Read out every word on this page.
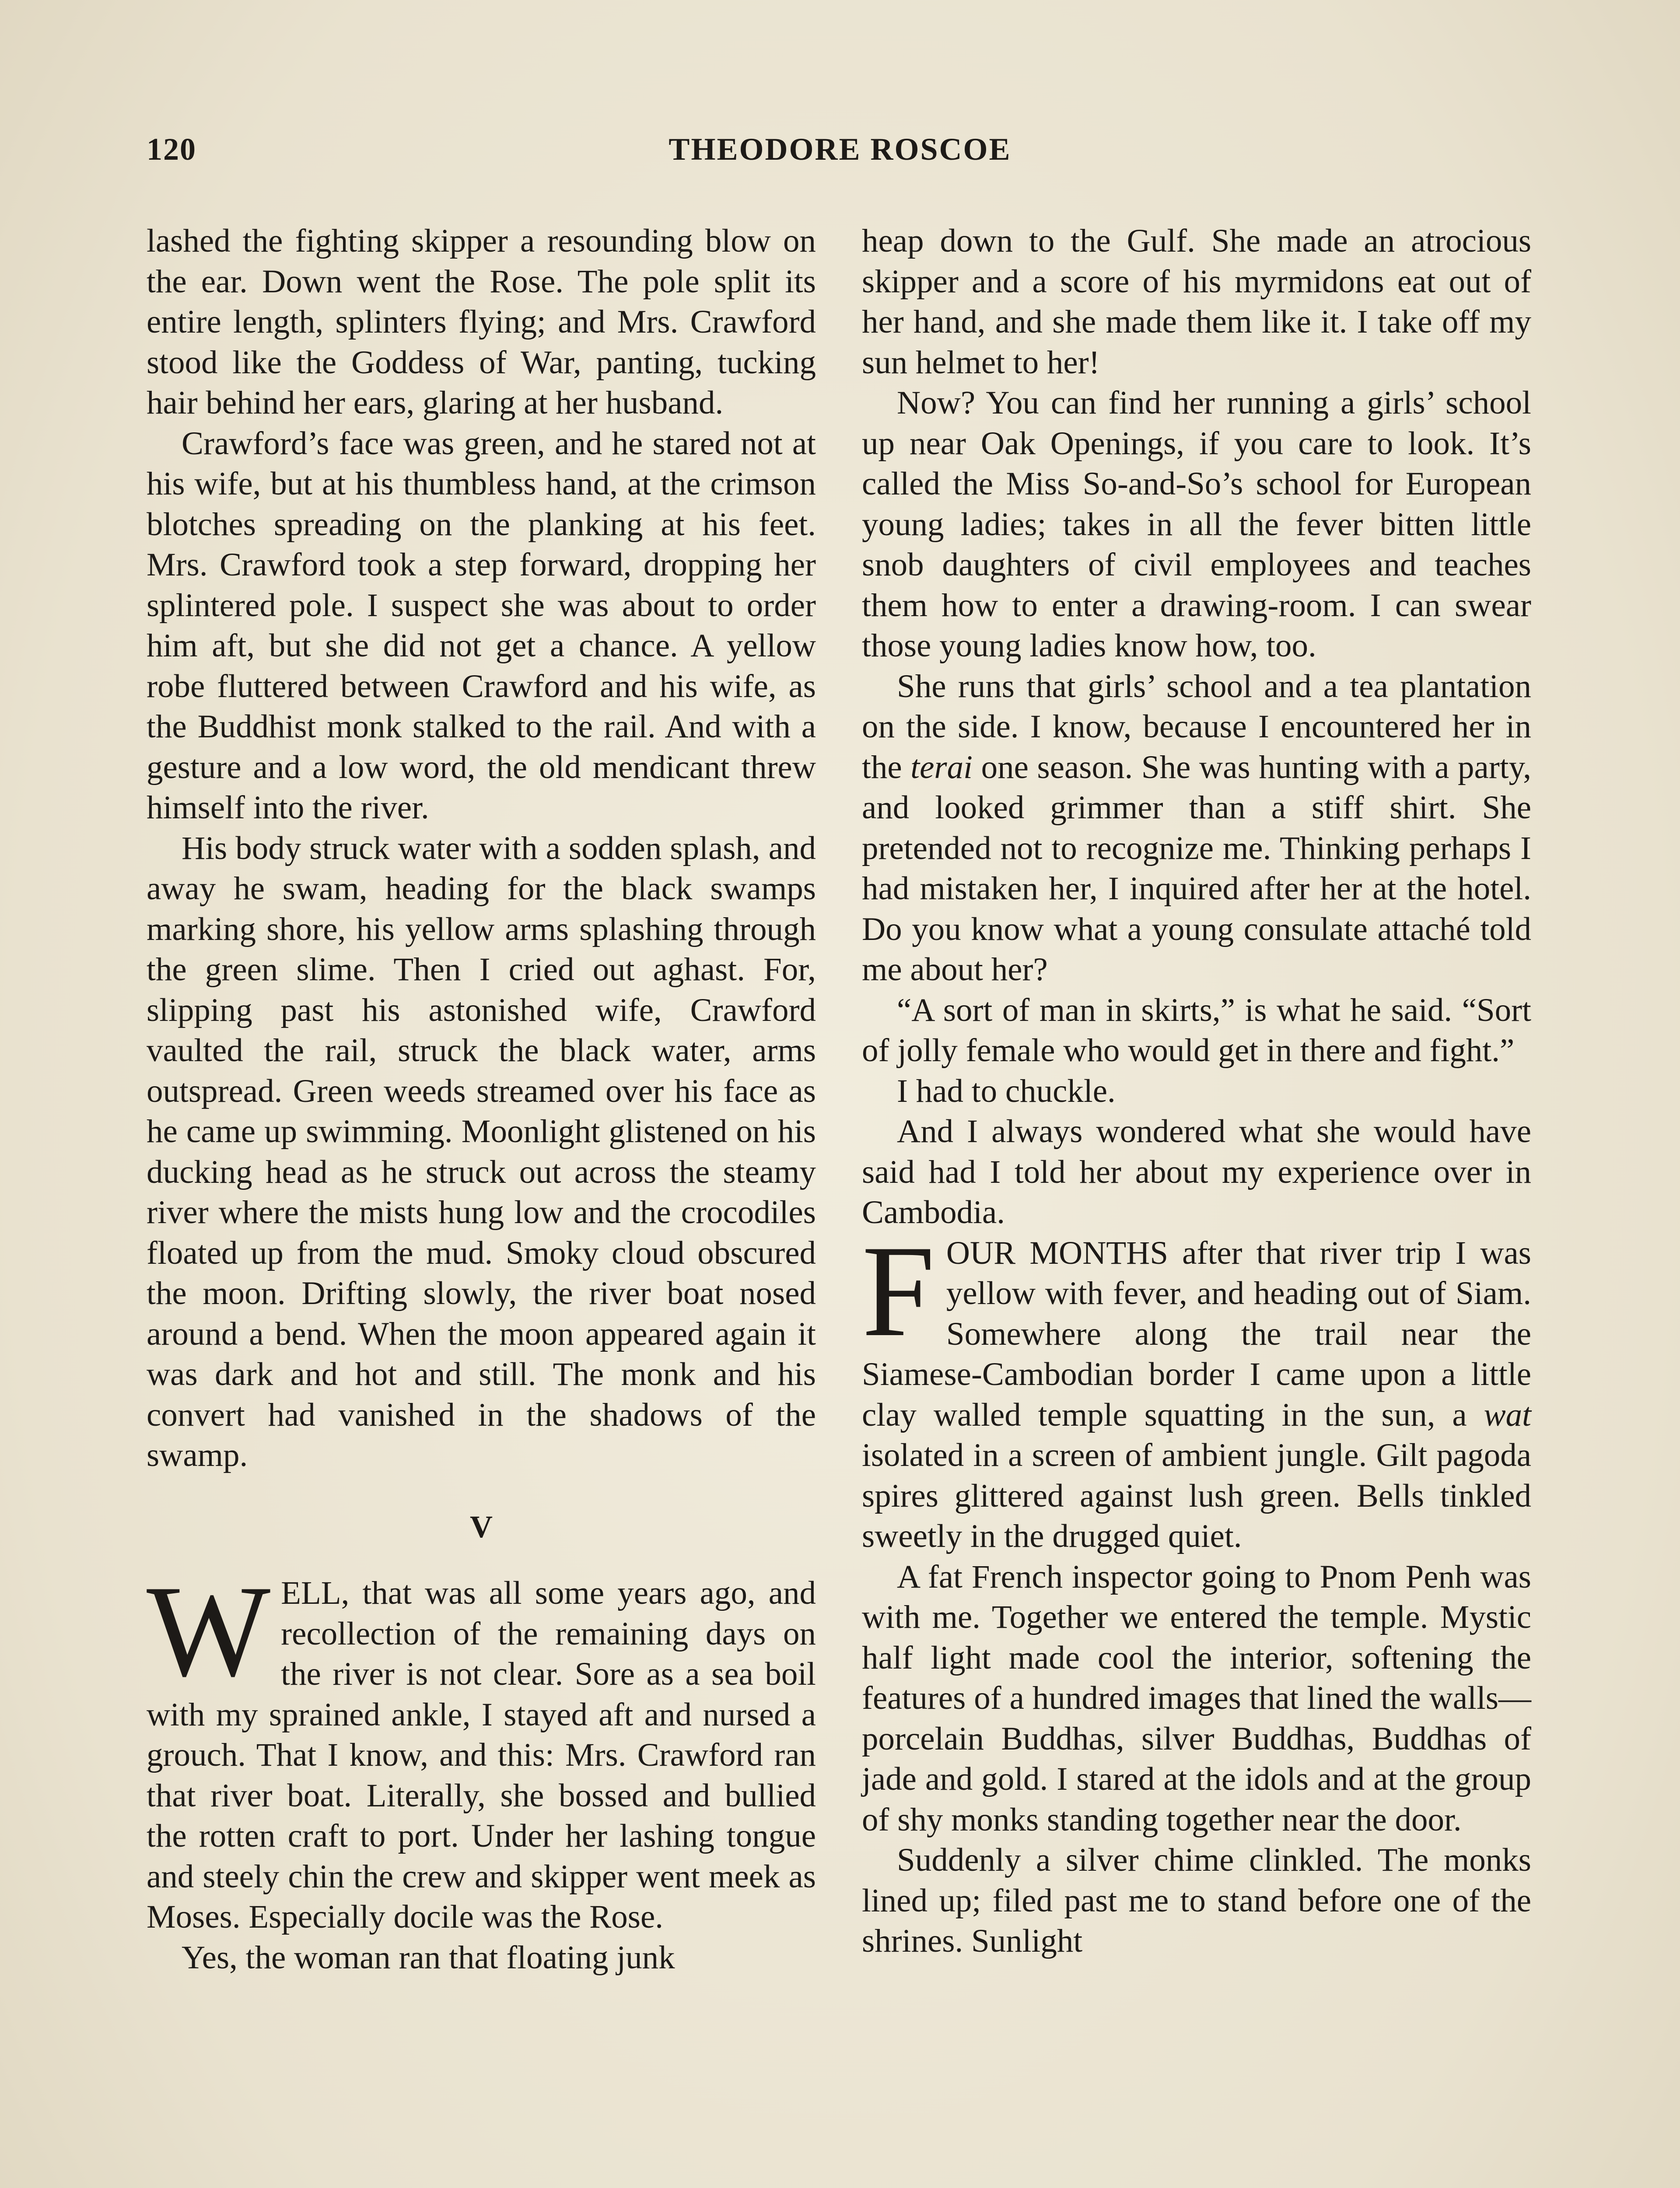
120	THEODORE ROSCOE

lashed the fighting skipper a resounding blow on the ear. Down went the Rose. The pole split its entire length, splinters flying; and Mrs. Crawford stood like the Goddess of War, panting, tucking hair behind her ears, glaring at her husband.

Crawford’s face was green, and he stared not at his wife, but at his thumbless hand, at the crimson blotches spreading on the planking at his feet. Mrs. Crawford took a step forward, dropping her splintered pole. I suspect she was about to order him aft, but she did not get a chance. A yellow robe fluttered between Crawford and his wife, as the Buddhist monk stalked to the rail. And with a gesture and a low word, the old mendicant threw himself into the river.

His body struck water with a sodden splash, and away he swam, heading for the black swamps marking shore, his yellow arms splashing through the green slime. Then I cried out aghast. For, slipping past his astonished wife, Crawford vaulted the rail, struck the black water, arms outspread. Green weeds streamed over his face as he came up swimming. Moonlight glistened on his ducking head as he struck out across the steamy river where the mists hung low and the crocodiles floated up from the mud. Smoky cloud obscured the moon. Drifting slowly, the river boat nosed around a bend. When the moon appeared again it was dark and hot and still. The monk and his convert had vanished in the shadows of the swamp.

V

WELL, that was all some years ago, and recollection of the remaining days on the river is not clear. Sore as a sea boil with my sprained ankle, I stayed aft and nursed a grouch. That I know, and this: Mrs. Crawford ran that river boat. Literally, she bossed and bullied the rotten craft to port. Under her lashing tongue and steely chin the crew and skipper went meek as Moses. Especially docile was the Rose.

Yes, the woman ran that floating junk

heap down to the Gulf. She made an atrocious skipper and a score of his myrmidons eat out of her hand, and she made them like it. I take off my sun helmet to her!

Now? You can find her running a girls’ school up near Oak Openings, if you care to look. It’s called the Miss So-and-So’s school for European young ladies; takes in all the fever bitten little snob daughters of civil employees and teaches them how to enter a drawing-room. I can swear those young ladies know how, too.

She runs that girls’ school and a tea plantation on the side. I know, because I encountered her in the terai one season. She was hunting with a party, and looked grimmer than a stiff shirt. She pretended not to recognize me. Thinking perhaps I had mistaken her, I inquired after her at the hotel. Do you know what a young consulate attaché told me about her?

“A sort of man in skirts,” is what he said. “Sort of jolly female who would get in there and fight.”

I had to chuckle.

And I always wondered what she would have said had I told her about my experience over in Cambodia.

FOUR MONTHS after that river trip I was yellow with fever, and heading out of Siam. Somewhere along the trail near the Siamese-Cambodian border I came upon a little clay walled temple squatting in the sun, a wat isolated in a screen of ambient jungle. Gilt pagoda spires glittered against lush green. Bells tinkled sweetly in the drugged quiet.

A fat French inspector going to Pnom Penh was with me. Together we entered the temple. Mystic half light made cool the interior, softening the features of a hundred images that lined the walls—porcelain Buddhas, silver Buddhas, Buddhas of jade and gold. I stared at the idols and at the group of shy monks standing together near the door.

Suddenly a silver chime clinkled. The monks lined up; filed past me to stand before one of the shrines. Sunlight
